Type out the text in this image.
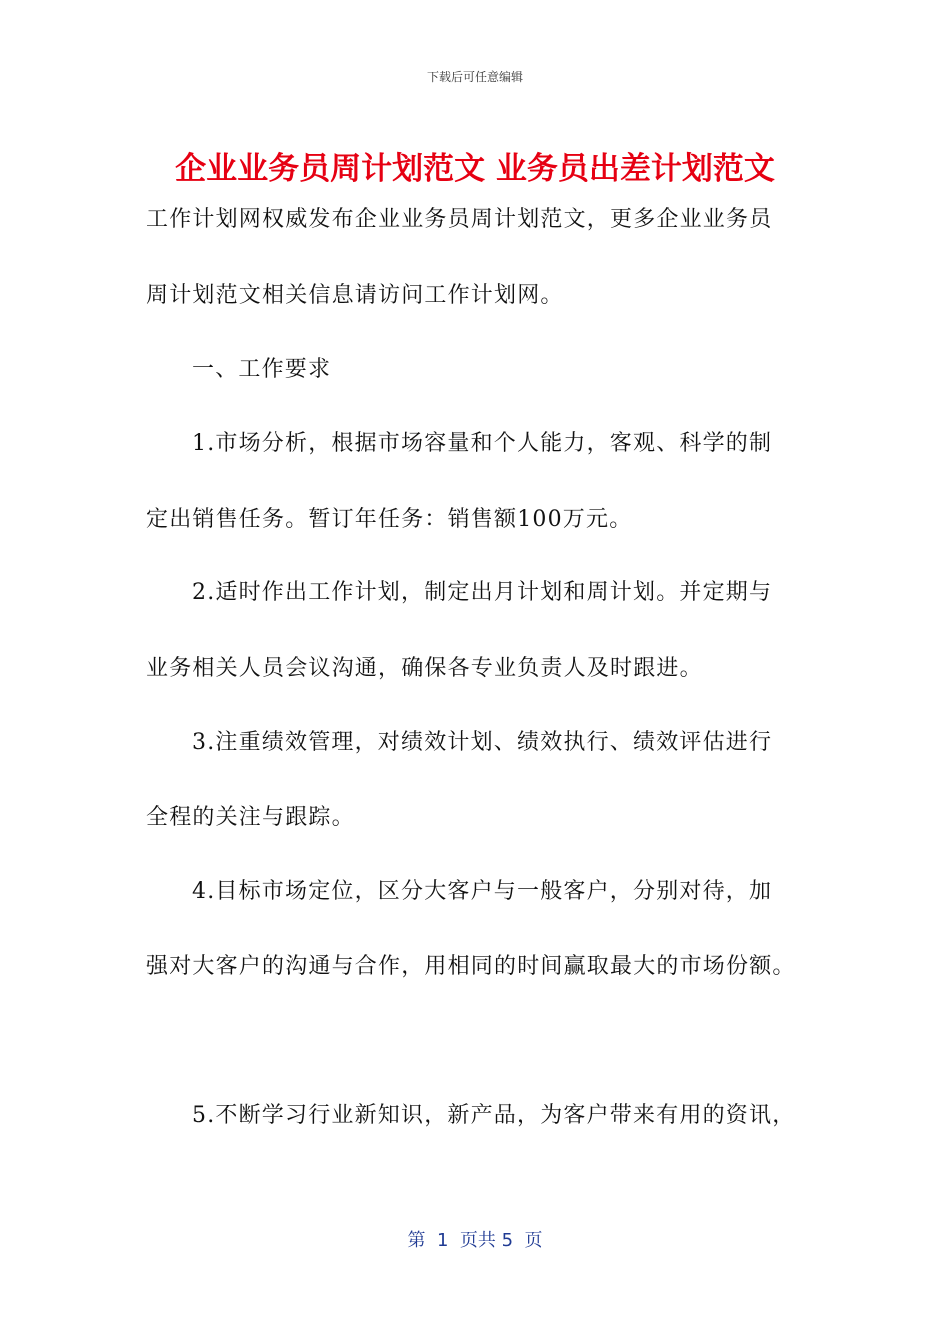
下载后可任意编辑
企业业务员周计划范文 业务员出差计划范文
工作计划网权威发布企业业务员周计划范文，更多企业业务员
周计划范文相关信息请访问工作计划网。
一、工作要求
1.市场分析，根据市场容量和个人能力，客观、科学的制
定出销售任务。暂订年任务：销售额100万元。
2.适时作出工作计划，制定出月计划和周计划。并定期与
业务相关人员会议沟通，确保各专业负责人及时跟进。
3.注重绩效管理，对绩效计划、绩效执行、绩效评估进行
全程的关注与跟踪。
4.目标市场定位，区分大客户与一般客户，分别对待，加
强对大客户的沟通与合作，用相同的时间赢取最大的市场份额。
5.不断学习行业新知识，新产品，为客户带来有用的资讯，
第  1  页共 5  页
